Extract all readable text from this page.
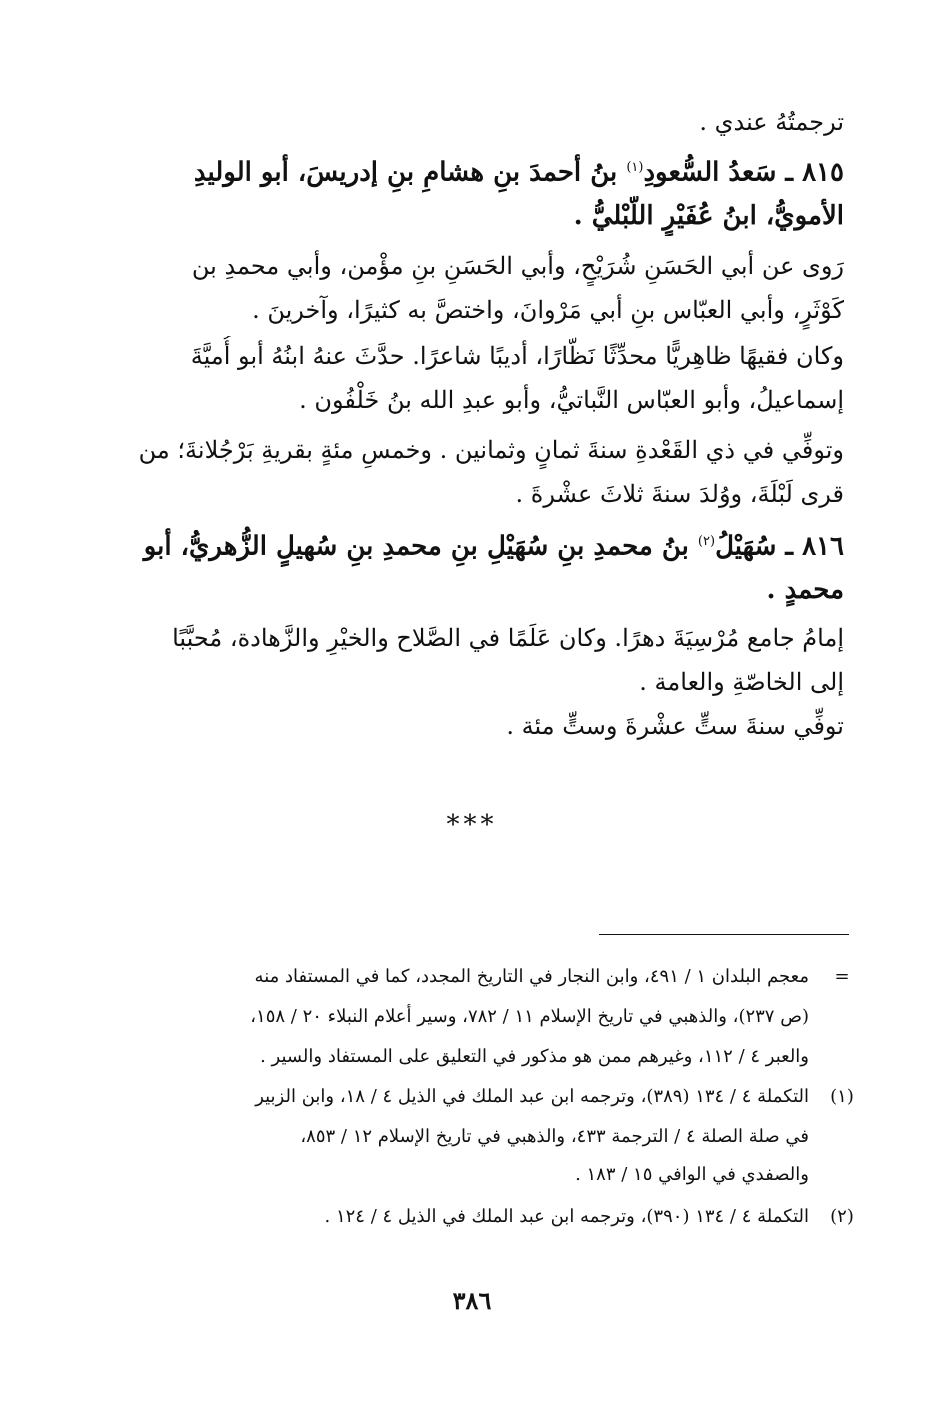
ترجمتُهُ عندي .
٨١٥ ـ سَعدُ السُّعودِ$^{(١)}$ بنُ أحمدَ بنِ هشامِ بنِ إدريسَ، أبو الوليدِ
الأمويُّ، ابنُ عُفَيْرٍ اللَّبْليُّ .
رَوى عن أبي الحَسَنِ شُرَيْحٍ، وأبي الحَسَنِ بنِ مؤْمن، وأبي محمدِ بن
كَوْثَرٍ، وأبي العبّاس بنِ أبي مَرْوانَ، واختصَّ به كثيرًا، وآخرينَ .
وكان فقيهًا ظاهِريًّا محدِّثًا نَظّارًا، أديبًا شاعرًا. حدَّثَ عنهُ ابنُهُ أبو أُميَّةَ
إسماعيلُ، وأبو العبّاس النَّباتيُّ، وأبو عبدِ الله بنُ خَلْفُون .
وتوفِّي في ذي القَعْدةِ سنةَ ثمانٍ وثمانين . وخمسِ مئةٍ بقريةِ بَرْجُلانةَ؛ من
قرى لَبْلَةَ، ووُلدَ سنةَ ثلاثَ عشْرةَ .
٨١٦ ـ سُهَيْلُ$^{(٢)}$ بنُ محمدِ بنِ سُهَيْلِ بنِ محمدِ بنِ سُهيلٍ الزُّهريُّ، أبو
محمدٍ .
إمامُ جامع مُرْسِيَةَ دهرًا. وكان عَلَمًا في الصَّلاح والخيْرِ والزَّهادة، مُحبَّبًا
إلى الخاصّةِ والعامة .
توفِّي سنةَ ستٍّ عشْرةَ وستٍّ مئة .
***
=
معجم البلدان ١ / ٤٩١، وابن النجار في التاريخ المجدد، كما في المستفاد منه
(ص ٢٣٧)، والذهبي في تاريخ الإسلام ١١ / ٧٨٢، وسير أعلام النبلاء ٢٠ / ١٥٨،
والعبر ٤ / ١١٢، وغيرهم ممن هو مذكور في التعليق على المستفاد والسير .
(١)
التكملة ٤ / ١٣٤ (٣٨٩)، وترجمه ابن عبد الملك في الذيل ٤ / ١٨، وابن الزبير
في صلة الصلة ٤ / الترجمة ٤٣٣، والذهبي في تاريخ الإسلام ١٢ / ٨٥٣،
والصفدي في الوافي ١٥ / ١٨٣ .
(٢)
التكملة ٤ / ١٣٤ (٣٩٠)، وترجمه ابن عبد الملك في الذيل ٤ / ١٢٤ .
٣٨٦
